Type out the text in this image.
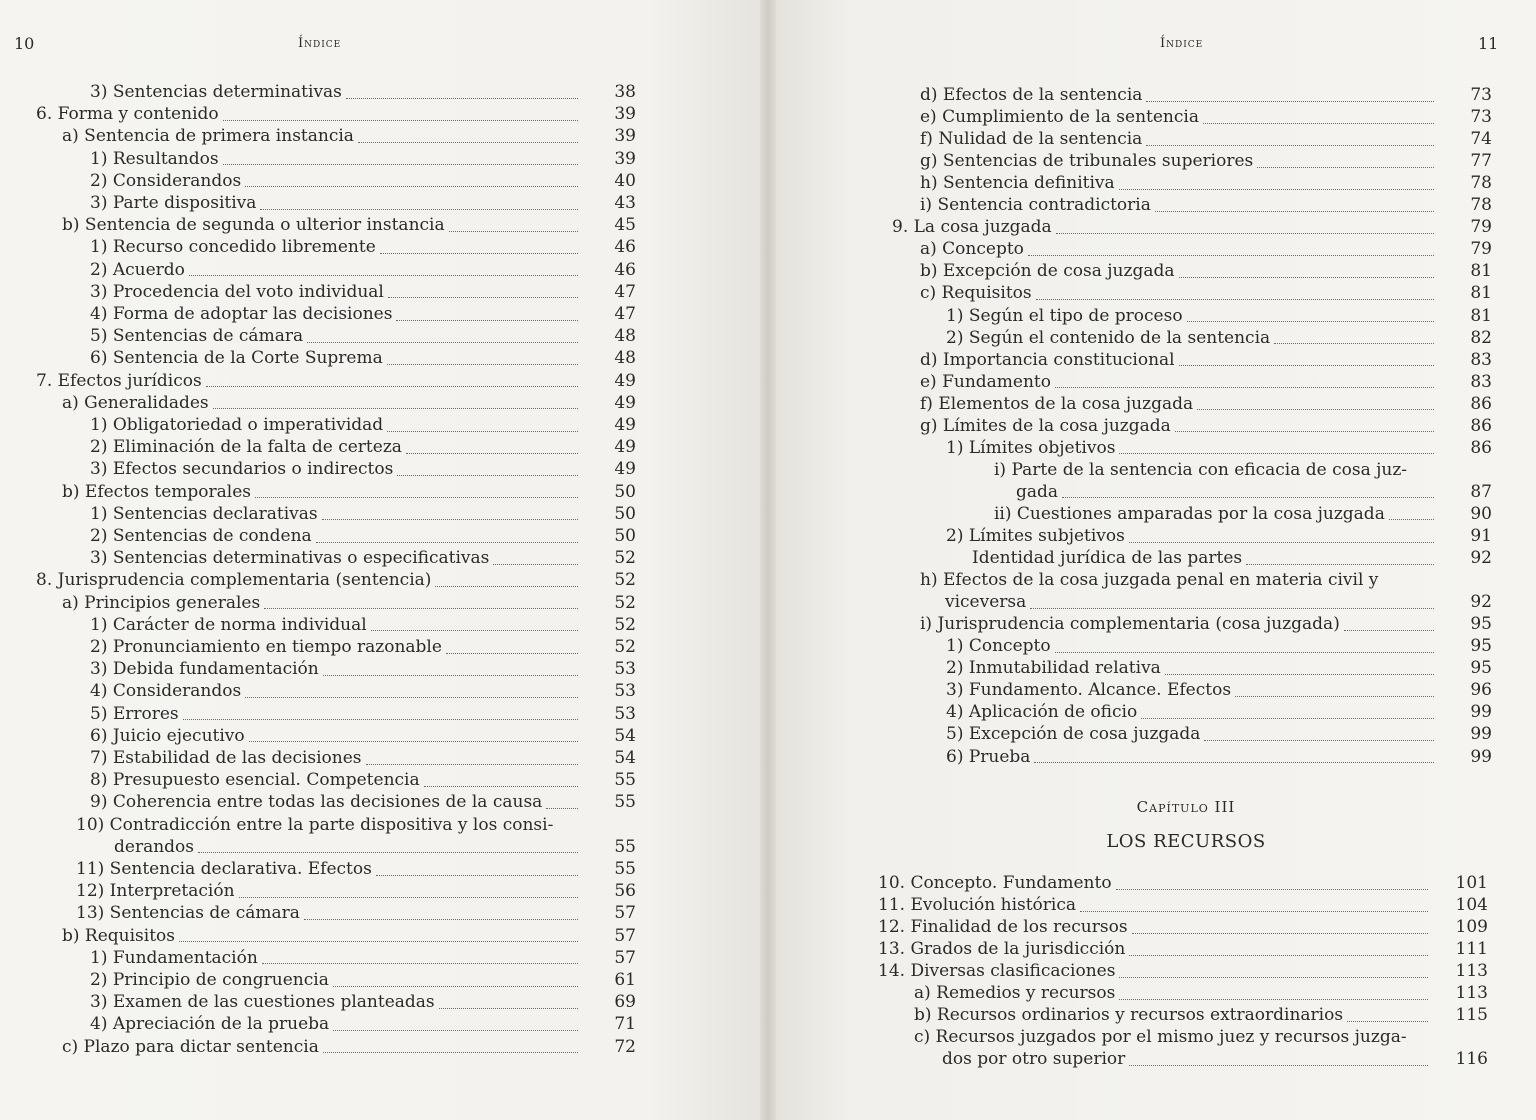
10	Índice
3) Sentencias determinativas	38
6. Forma y contenido	39
a) Sentencia de primera instancia	39
1) Resultandos	39
2) Considerandos	40
3) Parte dispositiva	43
b) Sentencia de segunda o ulterior instancia	45
1) Recurso concedido libremente	46
2) Acuerdo	46
3) Procedencia del voto individual	47
4) Forma de adoptar las decisiones	47
5) Sentencias de cámara	48
6) Sentencia de la Corte Suprema	48
7. Efectos jurídicos	49
a) Generalidades	49
1) Obligatoriedad o imperatividad	49
2) Eliminación de la falta de certeza	49
3) Efectos secundarios o indirectos	49
b) Efectos temporales	50
1) Sentencias declarativas	50
2) Sentencias de condena	50
3) Sentencias determinativas o especificativas	52
8. Jurisprudencia complementaria (sentencia)	52
a) Principios generales	52
1) Carácter de norma individual	52
2) Pronunciamiento en tiempo razonable	52
3) Debida fundamentación	53
4) Considerandos	53
5) Errores	53
6) Juicio ejecutivo	54
7) Estabilidad de las decisiones	54
8) Presupuesto esencial. Competencia	55
9) Coherencia entre todas las decisiones de la causa	55
10) Contradicción entre la parte dispositiva y los consi-
derandos	55
11) Sentencia declarativa. Efectos	55
12) Interpretación	56
13) Sentencias de cámara	57
b) Requisitos	57
1) Fundamentación	57
2) Principio de congruencia	61
3) Examen de las cuestiones planteadas	69
4) Apreciación de la prueba	71
c) Plazo para dictar sentencia	72
Índice	11
d) Efectos de la sentencia	73
e) Cumplimiento de la sentencia	73
f) Nulidad de la sentencia	74
g) Sentencias de tribunales superiores	77
h) Sentencia definitiva	78
i) Sentencia contradictoria	78
9. La cosa juzgada	79
a) Concepto	79
b) Excepción de cosa juzgada	81
c) Requisitos	81
1) Según el tipo de proceso	81
2) Según el contenido de la sentencia	82
d) Importancia constitucional	83
e) Fundamento	83
f) Elementos de la cosa juzgada	86
g) Límites de la cosa juzgada	86
1) Límites objetivos	86
i) Parte de la sentencia con eficacia de cosa juz-
gada	87
ii) Cuestiones amparadas por la cosa juzgada	90
2) Límites subjetivos	91
Identidad jurídica de las partes	92
h) Efectos de la cosa juzgada penal en materia civil y
viceversa	92
i) Jurisprudencia complementaria (cosa juzgada)	95
1) Concepto	95
2) Inmutabilidad relativa	95
3) Fundamento. Alcance. Efectos	96
4) Aplicación de oficio	99
5) Excepción de cosa juzgada	99
6) Prueba	99
Capítulo III
LOS RECURSOS
10. Concepto. Fundamento	101
11. Evolución histórica	104
12. Finalidad de los recursos	109
13. Grados de la jurisdicción	111
14. Diversas clasificaciones	113
a) Remedios y recursos	113
b) Recursos ordinarios y recursos extraordinarios	115
c) Recursos juzgados por el mismo juez y recursos juzga-
dos por otro superior	116
